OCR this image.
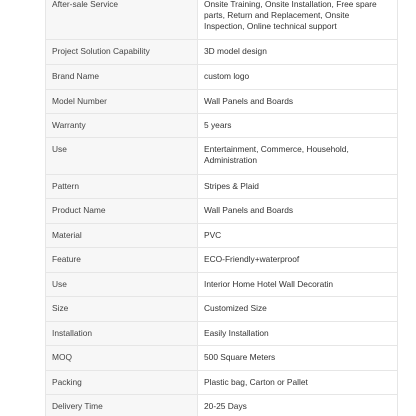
After-sale Service	Onsite Training, Onsite Installation, Free spare parts, Return and Replacement, Onsite Inspection, Online technical support
Project Solution Capability	3D model design
Brand Name	custom logo
Model Number	Wall Panels and Boards
Warranty	5 years
Use	Entertainment, Commerce, Household, Administration
Pattern	Stripes & Plaid
Product Name	Wall Panels and Boards
Material	PVC
Feature	ECO-Friendly+waterproof
Use	Interior Home Hotel Wall Decoratin
Size	Customized Size
Installation	Easily Installation
MOQ	500 Square Meters
Packing	Plastic bag, Carton or Pallet
Delivery Time	20-25 Days
